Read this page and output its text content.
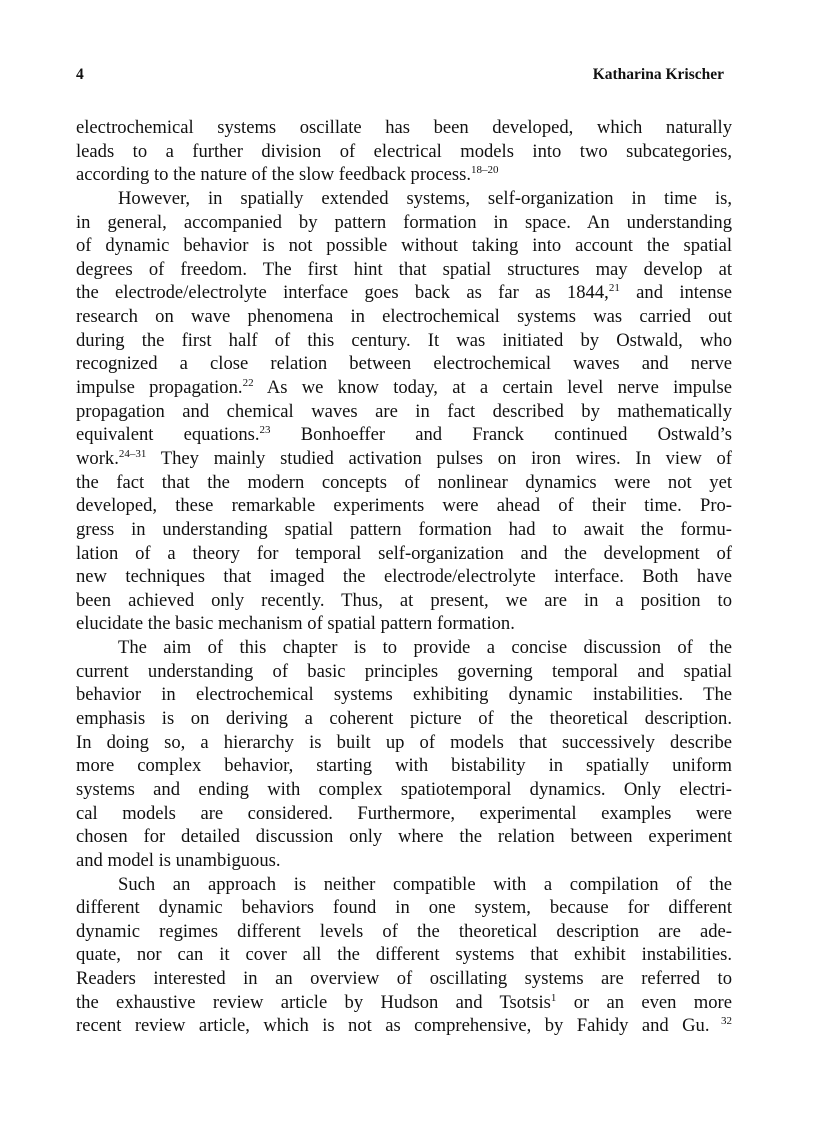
4	Katharina Krischer
electrochemical systems oscillate has been developed, which naturally
leads to a further division of electrical models into two subcategories,
according to the nature of the slow feedback process.$^{18-20}$
However, in spatially extended systems, self-organization in time is,
in general, accompanied by pattern formation in space. An understanding
of dynamic behavior is not possible without taking into account the spatial
degrees of freedom. The first hint that spatial structures may develop at
the electrode/electrolyte interface goes back as far as 1844,21 and intense
research on wave phenomena in electrochemical systems was carried out
during the first half of this century. It was initiated by Ostwald, who
recognized a close relation between electrochemical waves and nerve
impulse propagation.$^{22}$ As we know today, at a certain level nerve impulse
propagation and chemical waves are in fact described by mathematically
equivalent equations.$^{23}$ Bonhoeffer and Franck continued Ostwald’s
work.$^{24-31}$ They mainly studied activation pulses on iron wires. In view of
the fact that the modern concepts of nonlinear dynamics were not yet
developed, these remarkable experiments were ahead of their time. Pro-
gress in understanding spatial pattern formation had to await the formu-
lation of a theory for temporal self-organization and the development of
new techniques that imaged the electrode/electrolyte interface. Both have
been achieved only recently. Thus, at present, we are in a position to
elucidate the basic mechanism of spatial pattern formation.
The aim of this chapter is to provide a concise discussion of the
current understanding of basic principles governing temporal and spatial
behavior in electrochemical systems exhibiting dynamic instabilities. The
emphasis is on deriving a coherent picture of the theoretical description.
In doing so, a hierarchy is built up of models that successively describe
more complex behavior, starting with bistability in spatially uniform
systems and ending with complex spatiotemporal dynamics. Only electri-
cal models are considered. Furthermore, experimental examples were
chosen for detailed discussion only where the relation between experiment
and model is unambiguous.
Such an approach is neither compatible with a compilation of the
different dynamic behaviors found in one system, because for different
dynamic regimes different levels of the theoretical description are ade-
quate, nor can it cover all the different systems that exhibit instabilities.
Readers interested in an overview of oscillating systems are referred to
the exhaustive review article by Hudson and Tsotsis$^1$ or an even more
recent review article, which is not as comprehensive, by Fahidy and Gu. $^{32}$
